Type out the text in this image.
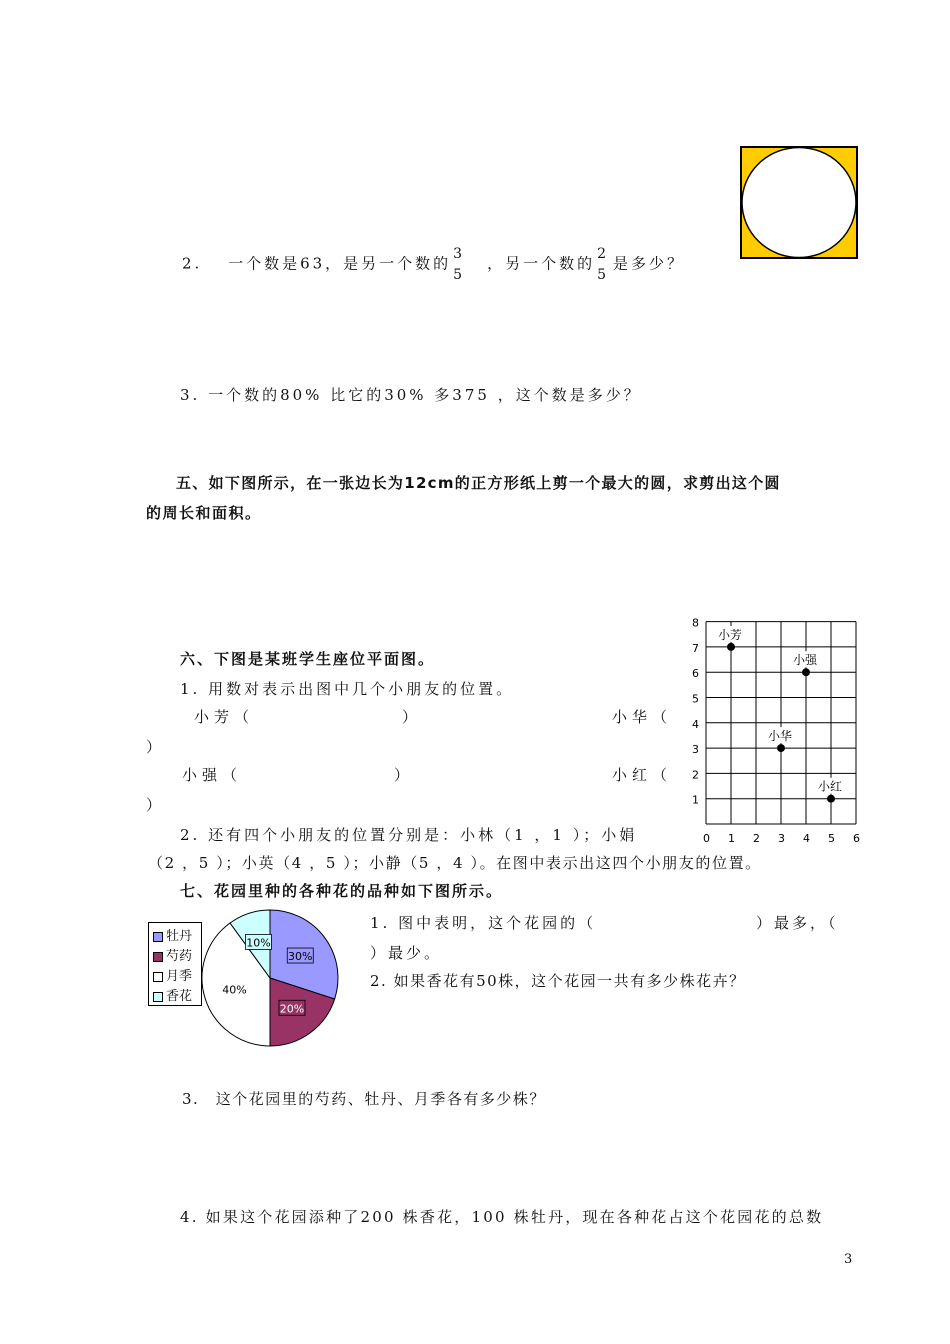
2.　 一个数是63，是另一个数的 $\frac{3}{5}$ ，另一个数的 $\frac{2}{5}$ 是多少？
3. 一个数的80% 比它的30% 多375 ，这个数是多少？
五、如下图所示，在一张边长为12cm的正方形纸上剪一个最大的圆，求剪出这个圆
的周长和面积。
六、下图是某班学生座位平面图。
1. 用数对表示出图中几个小朋友的位置。
小芳（	）	小华（
）
小强（	）	小红（
）
2. 还有四个小朋友的位置分别是：小林（1 ，1 ）；小娟
（2 ，5 ）；小英（4 ，5 ）；小静（5 ，4 ）。在图中表示出这四个小朋友的位置。
0 1 2 3 4 5 6
1
2
3
4
5
6
7
8
小芳
小强
小华
小红
七、花园里种的各种花的品种如下图所示。
牡丹
芍药
月季
香花
30%
20%
40%
10%
1. 图中表明，这个花园的（	）最多，（
）最少。
2. 如果香花有50株，这个花园一共有多少株花卉？
3.　这个花园里的芍药、牡丹、月季各有多少株？
4. 如果这个花园添种了200 株香花，100 株牡丹，现在各种花占这个花园花的总数
3
